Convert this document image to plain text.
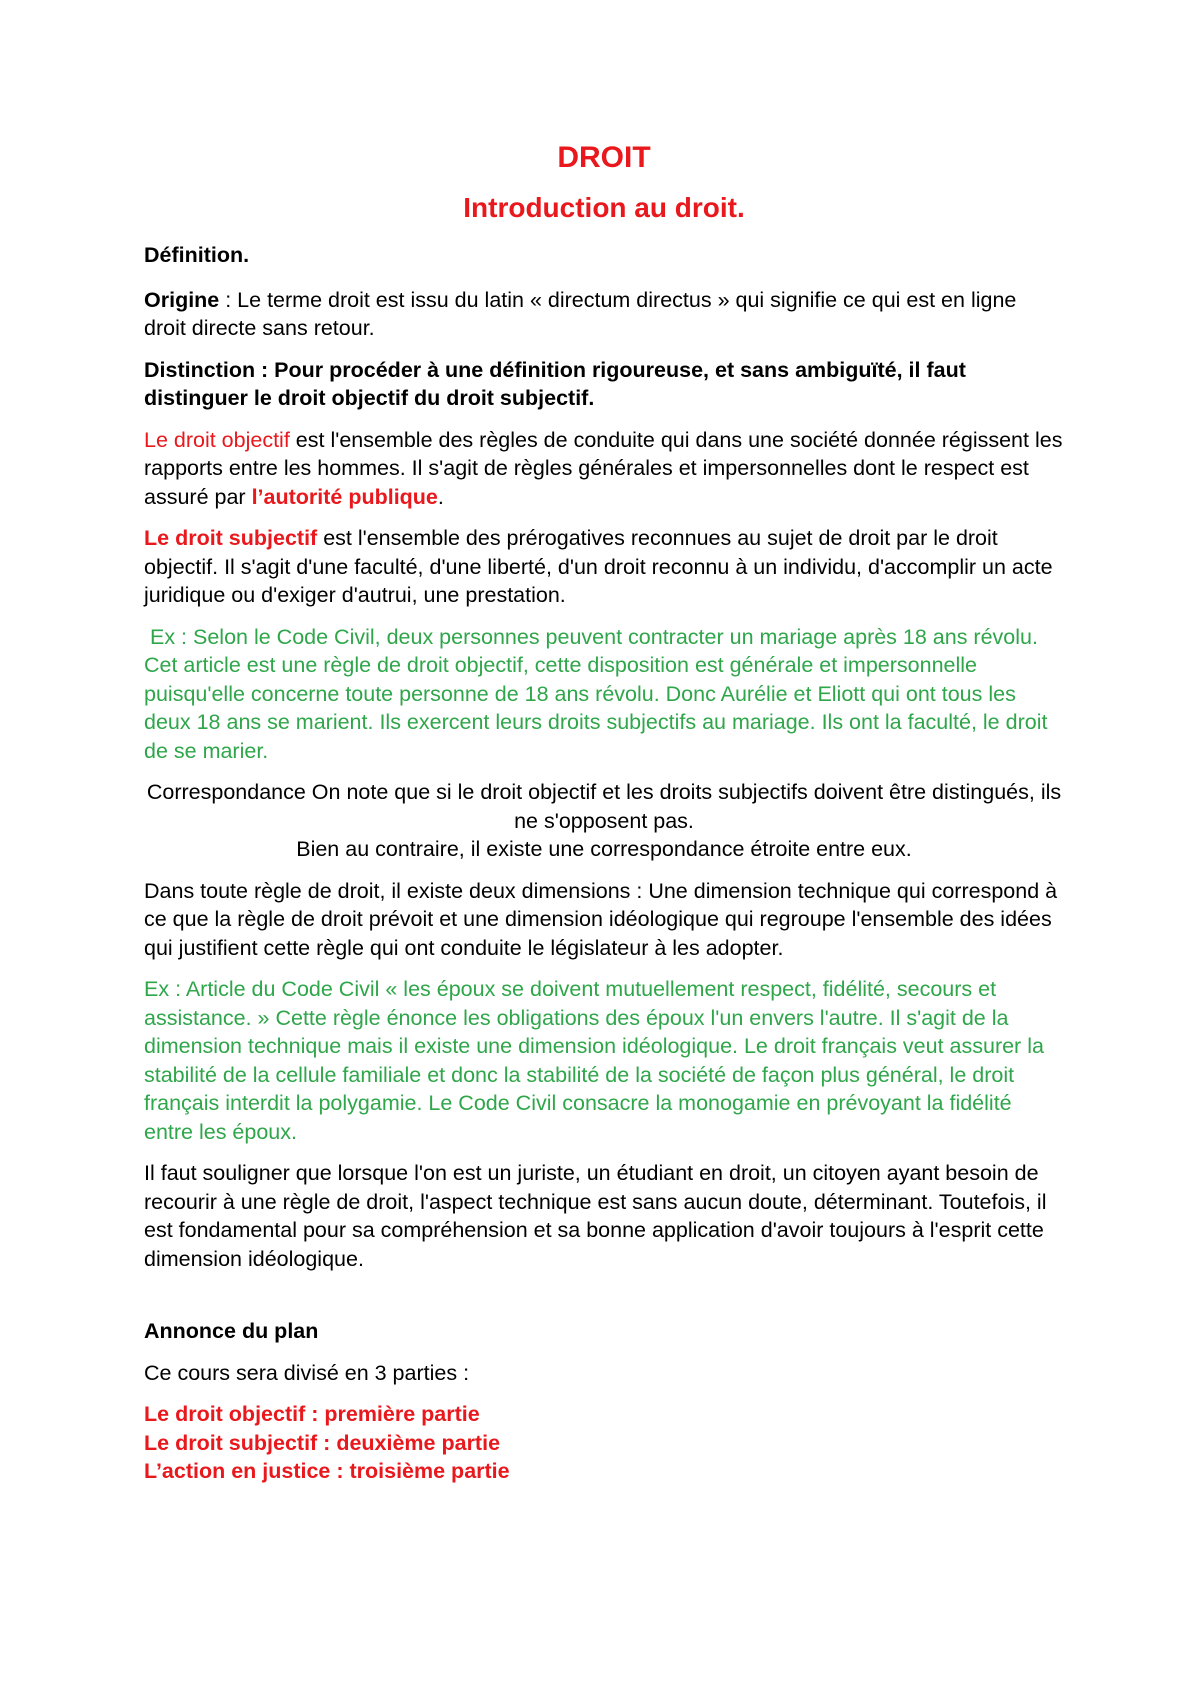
DROIT
Introduction au droit.

Définition.

Origine : Le terme droit est issu du latin « directum directus » qui signifie ce qui est en ligne droit directe sans retour.

Distinction : Pour procéder à une définition rigoureuse, et sans ambiguïté, il faut distinguer le droit objectif du droit subjectif.

Le droit objectif est l'ensemble des règles de conduite qui dans une société donnée régissent les rapports entre les hommes. Il s'agit de règles générales et impersonnelles dont le respect est assuré par l’autorité publique.

Le droit subjectif est l'ensemble des prérogatives reconnues au sujet de droit par le droit objectif. Il s'agit d'une faculté, d'une liberté, d'un droit reconnu à un individu, d'accomplir un acte juridique ou d'exiger d'autrui, une prestation.

Ex : Selon le Code Civil, deux personnes peuvent contracter un mariage après 18 ans révolu. Cet article est une règle de droit objectif, cette disposition est générale et impersonnelle puisqu'elle concerne toute personne de 18 ans révolu. Donc Aurélie et Eliott qui ont tous les deux 18 ans se marient. Ils exercent leurs droits subjectifs au mariage. Ils ont la faculté, le droit de se marier.

Correspondance On note que si le droit objectif et les droits subjectifs doivent être distingués, ils ne s'opposent pas.
Bien au contraire, il existe une correspondance étroite entre eux.

Dans toute règle de droit, il existe deux dimensions : Une dimension technique qui correspond à ce que la règle de droit prévoit et une dimension idéologique qui regroupe l'ensemble des idées qui justifient cette règle qui ont conduite le législateur à les adopter.

Ex : Article du Code Civil « les époux se doivent mutuellement respect, fidélité, secours et assistance. » Cette règle énonce les obligations des époux l'un envers l'autre. Il s'agit de la dimension technique mais il existe une dimension idéologique. Le droit français veut assurer la stabilité de la cellule familiale et donc la stabilité de la société de façon plus général, le droit français interdit la polygamie. Le Code Civil consacre la monogamie en prévoyant la fidélité entre les époux.

Il faut souligner que lorsque l'on est un juriste, un étudiant en droit, un citoyen ayant besoin de recourir à une règle de droit, l'aspect technique est sans aucun doute, déterminant. Toutefois, il est fondamental pour sa compréhension et sa bonne application d'avoir toujours à l'esprit cette dimension idéologique.

Annonce du plan

Ce cours sera divisé en 3 parties :

Le droit objectif : première partie
Le droit subjectif : deuxième partie
L’action en justice : troisième partie
